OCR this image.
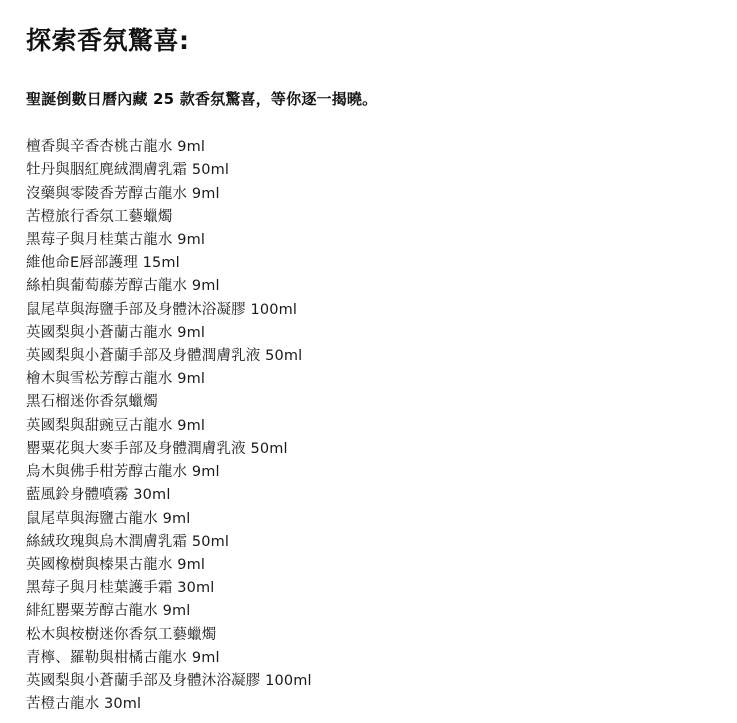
探索香氛驚喜:

聖誕倒數日曆內藏 25 款香氛驚喜，等你逐一揭曉。

檀香與辛香杏桃古龍水 9ml
牡丹與胭紅麂絨潤膚乳霜 50ml
沒藥與零陵香芳醇古龍水 9ml
苦橙旅行香氛工藝蠟燭
黑莓子與月桂葉古龍水 9ml
維他命E唇部護理 15ml
絲柏與葡萄藤芳醇古龍水 9ml
鼠尾草與海鹽手部及身體沐浴凝膠 100ml
英國梨與小蒼蘭古龍水 9ml
英國梨與小蒼蘭手部及身體潤膚乳液 50ml
檜木與雪松芳醇古龍水 9ml
黑石榴迷你香氛蠟燭
英國梨與甜豌豆古龍水 9ml
罌粟花與大麥手部及身體潤膚乳液 50ml
烏木與佛手柑芳醇古龍水 9ml
藍風鈴身體噴霧 30ml
鼠尾草與海鹽古龍水 9ml
絲絨玫瑰與烏木潤膚乳霜 50ml
英國橡樹與榛果古龍水 9ml
黑莓子與月桂葉護手霜 30ml
緋紅罌粟芳醇古龍水 9ml
松木與桉樹迷你香氛工藝蠟燭
青檸、羅勒與柑橘古龍水 9ml
英國梨與小蒼蘭手部及身體沐浴凝膠 100ml
苦橙古龍水 30ml
